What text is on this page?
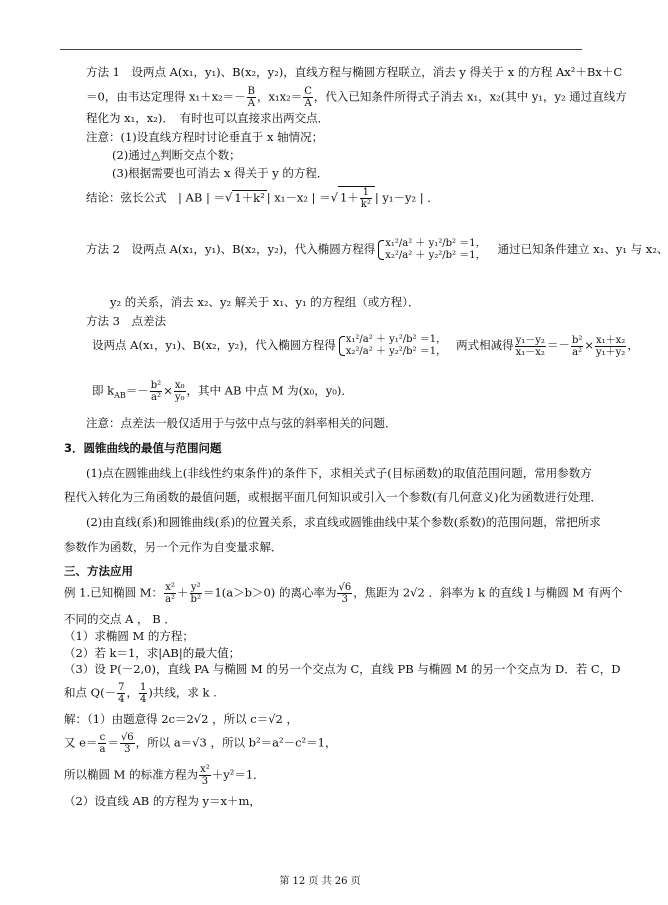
方法 1　设两点 A(x₁，y₁)、B(x₂，y₂)，直线方程与椭圆方程联立，消去 y 得关于 x 的方程 Ax²＋Bx＋C
＝0，由韦达定理得 $x_1+x_2=- \frac{B}{A}$ ，$x_1x_2= \frac{C}{A}$ ，代入已知条件所得式子消去 x₁，x₂(其中 y₁，y₂ 通过直线方
程化为 x₁，x₂)．　有时也可以直接求出两交点．
注意：(1)设直线方程时讨论垂直于 x 轴情况；
(2)通过△判断交点个数；
(3)根据需要也可消去 x 得关于 y 的方程．
结论：弦长公式　| AB | ＝√ 1＋k² | x₁－x₂ | ＝√ $1+ \frac{1}{\text{k²}}$ | y₁－y₂ | ．
方法 2　设两点 A(x₁，y₁)、B(x₂，y₂)，代入椭圆方程得 x₁²/a² ＋ y₁²/b² ＝1，
x₂²/a² ＋ y₂²/b² ＝1， 通过已知条件建立 x₁、y₁ 与 x₂、
y₂ 的关系，消去 x₂、y₂ 解关于 x₁、y₁ 的方程组（或方程）．
方法 3　点差法
设两点 A(x₁，y₁)、B(x₂，y₂)，代入椭圆方程得 x₁²/a² ＋ y₁²/b² ＝1，
x₂²/a² ＋ y₂²/b² ＝1， 两式相减得 $\frac{\text{y₁－y₂}}{\text{x₁－x₂}} =- \frac{\text{b²}}{\text{a²}} \times \frac{\text{x₁＋x₂}}{\text{y₁＋y₂}}$ ，
即 $k_{AB}=- \frac{\text{b²}}{\text{a²}} \times \frac{\text{x₀}}{\text{y₀}}$ ，其中 AB 中点 M 为(x₀，y₀)．
注意：点差法一般仅适用于与弦中点与弦的斜率相关的问题．
3．圆锥曲线的最值与范围问题
(1)点在圆锥曲线上(非线性约束条件)的条件下，求相关式子(目标函数)的取值范围问题，常用参数方
程代入转化为三角函数的最值问题，或根据平面几何知识或引入一个参数(有几何意义)化为函数进行处理．
(2)由直线(系)和圆锥曲线(系)的位置关系，求直线或圆锥曲线中某个参数(系数)的范围问题，常把所求
参数作为函数，另一个元作为自变量求解．
三、方法应用
例 1.已知椭圆 M： $\frac{\text{x²}}{\text{a²}} + \frac{\text{y²}}{\text{b²}} =1(a>b>0)$ 的离心率为 $\frac{√6}{3}$ ，焦距为 2√2 ．斜率为 k 的直线 l 与椭圆 M 有两个
不同的交点 A ， B ．
（1）求椭圆 M 的方程；
（2）若 k＝1，求|AB|的最大值；
（3）设 P(－2,0)，直线 PA 与椭圆 M 的另一个交点为 C，直线 PB 与椭圆 M 的另一个交点为 D．若 C，D
和点 $Q(- \frac{7}{4}$ ， $\frac{1}{4}$ )共线，求 k .
解：（1）由题意得 2c＝2√2 ，所以 c＝√2 ，
又 $e= \frac{c}{a} = \frac{√6}{3}$ ，所以 a＝√3 ，所以 b²＝a²－c²＝1，
所以椭圆 M 的标准方程为 $\frac{\text{x²}}{3} +y^2=1$．
（2）设直线 AB 的方程为 y＝x＋m，
第 12 页 共 26 页
